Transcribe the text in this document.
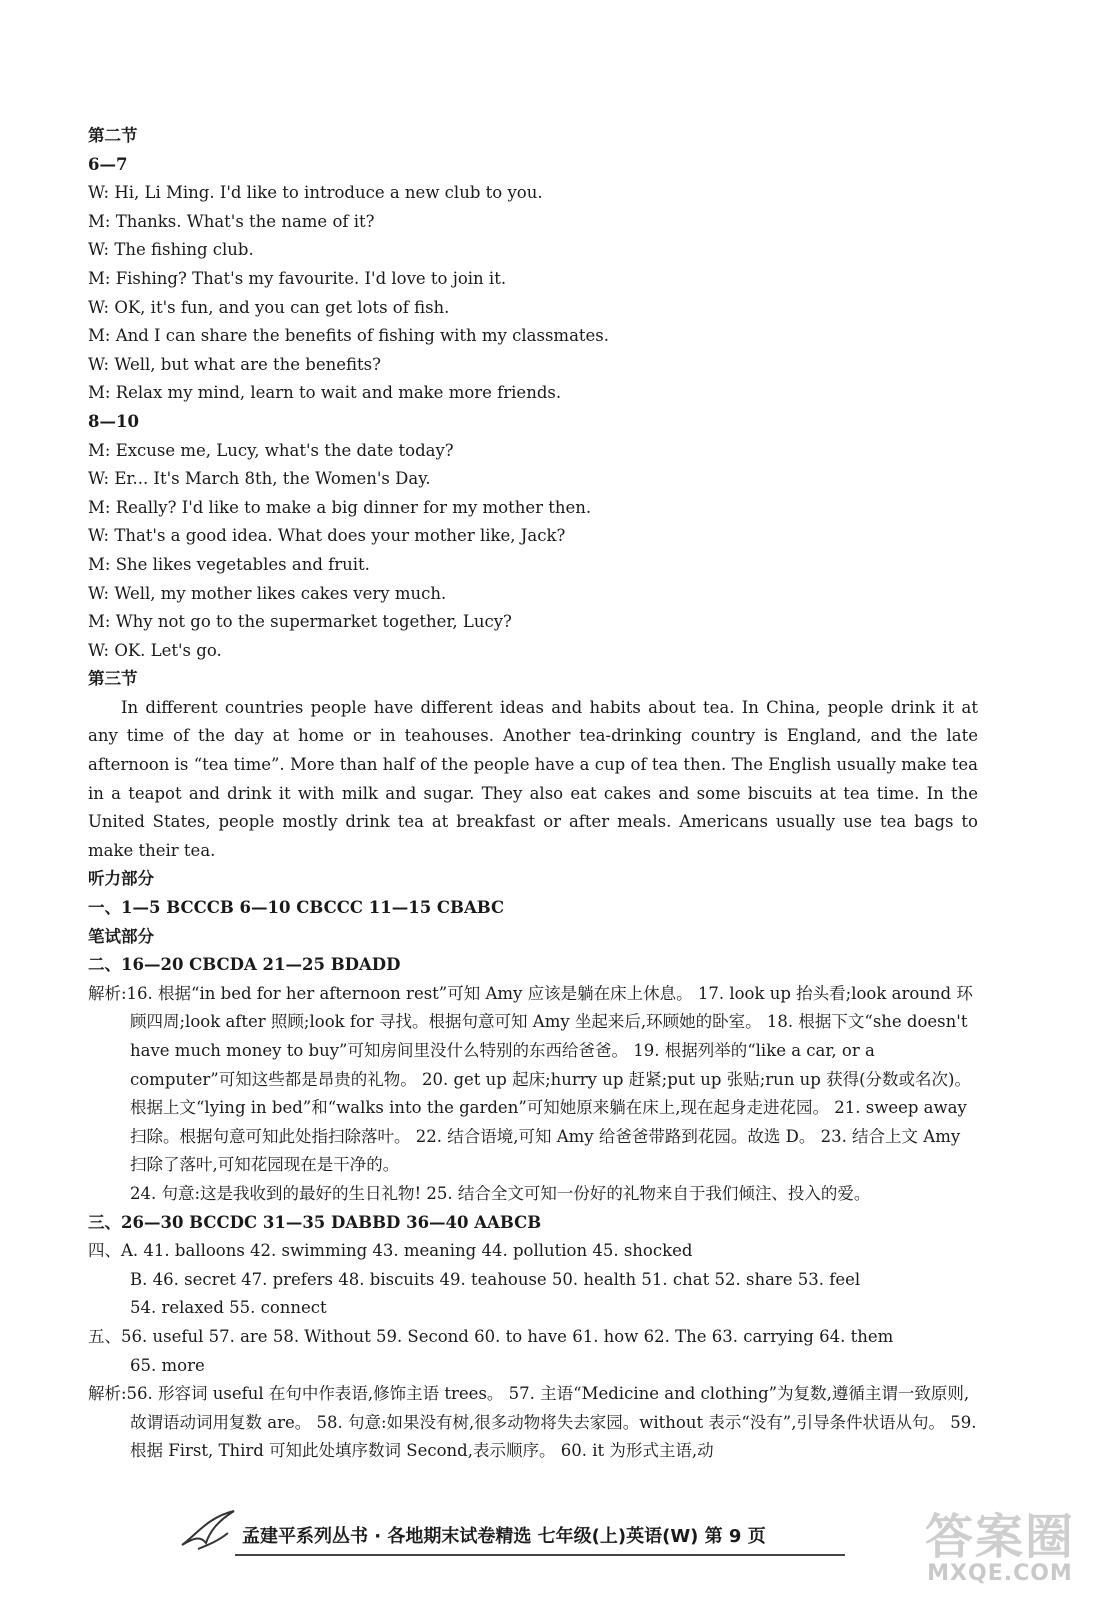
第二节
6—7
W: Hi, Li Ming. I'd like to introduce a new club to you.
M: Thanks. What's the name of it?
W: The fishing club.
M: Fishing? That's my favourite. I'd love to join it.
W: OK, it's fun, and you can get lots of fish.
M: And I can share the benefits of fishing with my classmates.
W: Well, but what are the benefits?
M: Relax my mind, learn to wait and make more friends.
8—10
M: Excuse me, Lucy, what's the date today?
W: Er... It's March 8th, the Women's Day.
M: Really? I'd like to make a big dinner for my mother then.
W: That's a good idea. What does your mother like, Jack?
M: She likes vegetables and fruit.
W: Well, my mother likes cakes very much.
M: Why not go to the supermarket together, Lucy?
W: OK. Let's go.
第三节
In different countries people have different ideas and habits about tea. In China, people drink it at any time of the day at home or in teahouses. Another tea-drinking country is England, and the late afternoon is “tea time”. More than half of the people have a cup of tea then. The English usually make tea in a teapot and drink it with milk and sugar. They also eat cakes and some biscuits at tea time. In the United States, people mostly drink tea at breakfast or after meals. Americans usually use tea bags to make their tea.
听力部分
一、1—5 BCCCB 6—10 CBCCC 11—15 CBABC
笔试部分
二、16—20 CBCDA 21—25 BDADD
解析:16. 根据“in bed for her afternoon rest”可知 Amy 应该是躺在床上休息。 17. look up 抬头看;look around 环顾四周;look after 照顾;look for 寻找。根据句意可知 Amy 坐起来后,环顾她的卧室。 18. 根据下文“she doesn't have much money to buy”可知房间里没什么特别的东西给爸爸。 19. 根据列举的“like a car, or a computer”可知这些都是昂贵的礼物。 20. get up 起床;hurry up 赶紧;put up 张贴;run up 获得(分数或名次)。根据上文“lying in bed”和“walks into the garden”可知她原来躺在床上,现在起身走进花园。 21. sweep away 扫除。根据句意可知此处指扫除落叶。 22. 结合语境,可知 Amy 给爸爸带路到花园。故选 D。 23. 结合上文 Amy 扫除了落叶,可知花园现在是干净的。
24. 句意:这是我收到的最好的生日礼物! 25. 结合全文可知一份好的礼物来自于我们倾注、投入的爱。
三、26—30 BCCDC 31—35 DABBD 36—40 AABCB
四、A. 41. balloons 42. swimming 43. meaning 44. pollution 45. shocked
B. 46. secret 47. prefers 48. biscuits 49. teahouse 50. health 51. chat 52. share 53. feel
54. relaxed 55. connect
五、56. useful 57. are 58. Without 59. Second 60. to have 61. how 62. The 63. carrying 64. them
65. more
解析:56. 形容词 useful 在句中作表语,修饰主语 trees。 57. 主语“Medicine and clothing”为复数,遵循主谓一致原则,故谓语动词用复数 are。 58. 句意:如果没有树,很多动物将失去家园。without 表示“没有”,引导条件状语从句。 59. 根据 First, Third 可知此处填序数词 Second,表示顺序。 60. it 为形式主语,动
孟建平系列丛书 · 各地期末试卷精选 七年级(上)英语(W) 第 9 页	答案圈
MXQE.COM
